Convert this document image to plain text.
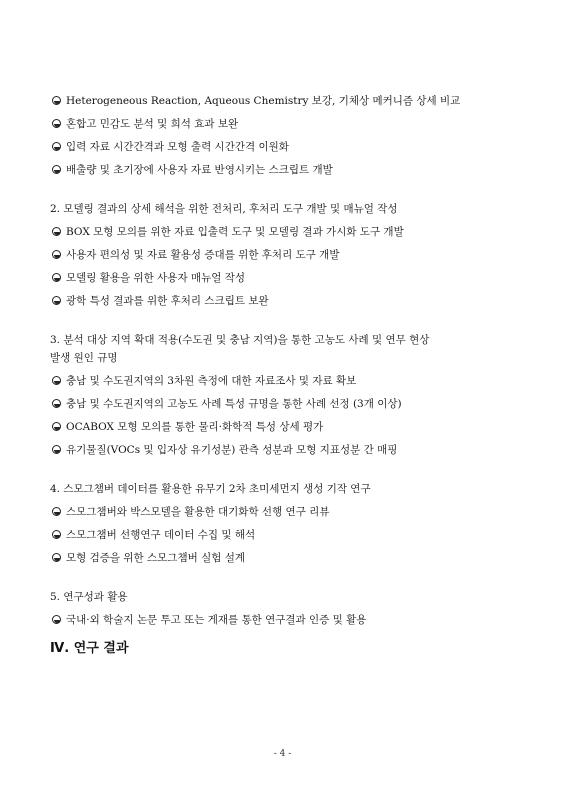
Heterogeneous Reaction, Aqueous Chemistry 보강, 기체상 메커니즘 상세 비교
혼합고 민감도 분석 및 희석 효과 보완
입력 자료 시간간격과 모형 출력 시간간격 이원화
배출량 및 초기장에 사용자 자료 반영시키는 스크립트 개발
2. 모델링 결과의 상세 해석을 위한 전처리, 후처리 도구 개발 및 매뉴얼 작성
BOX 모형 모의를 위한 자료 입출력 도구 및 모델링 결과 가시화 도구 개발
사용자 편의성 및 자료 활용성 증대를 위한 후처리 도구 개발
모델링 활용을 위한 사용자 매뉴얼 작성
광학 특성 결과를 위한 후처리 스크립트 보완
3. 분석 대상 지역 확대 적용(수도권 및 충남 지역)을 통한 고농도 사례 및 연무 현상
발생 원인 규명
충남 및 수도권지역의 3차원 측정에 대한 자료조사 및 자료 확보
충남 및 수도권지역의 고농도 사례 특성 규명을 통한 사례 선정 (3개 이상)
OCABOX 모형 모의를 통한 물리·화학적 특성 상세 평가
유기물질(VOCs 및 입자상 유기성분) 관측 성분과 모형 지표성분 간 매핑
4. 스모그챔버 데이터를 활용한 유무기 2차 초미세먼지 생성 기작 연구
스모그챔버와 박스모델을 활용한 대기화학 선행 연구 리뷰
스모그챔버 선행연구 데이터 수집 및 해석
모형 검증을 위한 스모그챔버 실험 설계
5. 연구성과 활용
국내·외 학술지 논문 투고 또는 게재를 통한 연구결과 인증 및 활용
Ⅳ. 연구 결과
- 4 -
